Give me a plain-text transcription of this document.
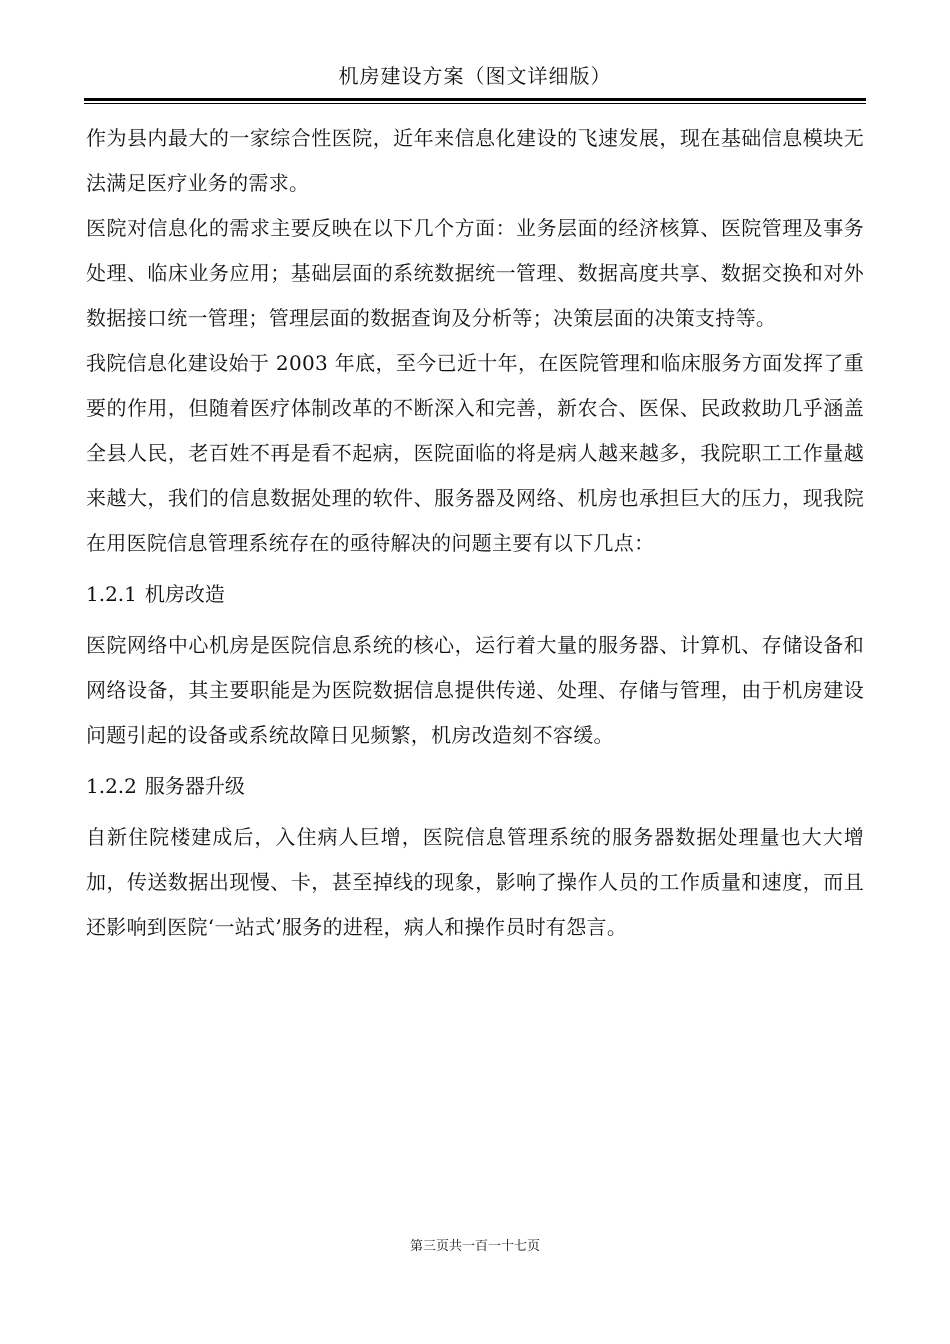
机房建设方案（图文详细版）

作为县内最大的一家综合性医院，近年来信息化建设的飞速发展，现在基础信息模块无法满足医疗业务的需求。

医院对信息化的需求主要反映在以下几个方面：业务层面的经济核算、医院管理及事务处理、临床业务应用；基础层面的系统数据统一管理、数据高度共享、数据交换和对外数据接口统一管理；管理层面的数据查询及分析等；决策层面的决策支持等。

我院信息化建设始于 2003 年底，至今已近十年，在医院管理和临床服务方面发挥了重要的作用，但随着医疗体制改革的不断深入和完善，新农合、医保、民政救助几乎涵盖全县人民，老百姓不再是看不起病，医院面临的将是病人越来越多，我院职工工作量越来越大，我们的信息数据处理的软件、服务器及网络、机房也承担巨大的压力，现我院在用医院信息管理系统存在的亟待解决的问题主要有以下几点：

1.2.1 机房改造

医院网络中心机房是医院信息系统的核心，运行着大量的服务器、计算机、存储设备和网络设备，其主要职能是为医院数据信息提供传递、处理、存储与管理，由于机房建设问题引起的设备或系统故障日见频繁，机房改造刻不容缓。

1.2.2 服务器升级

自新住院楼建成后，入住病人巨增，医院信息管理系统的服务器数据处理量也大大增加，传送数据出现慢、卡，甚至掉线的现象，影响了操作人员的工作质量和速度，而且还影响到医院‘一站式’服务的进程，病人和操作员时有怨言。

第三页共一百一十七页
